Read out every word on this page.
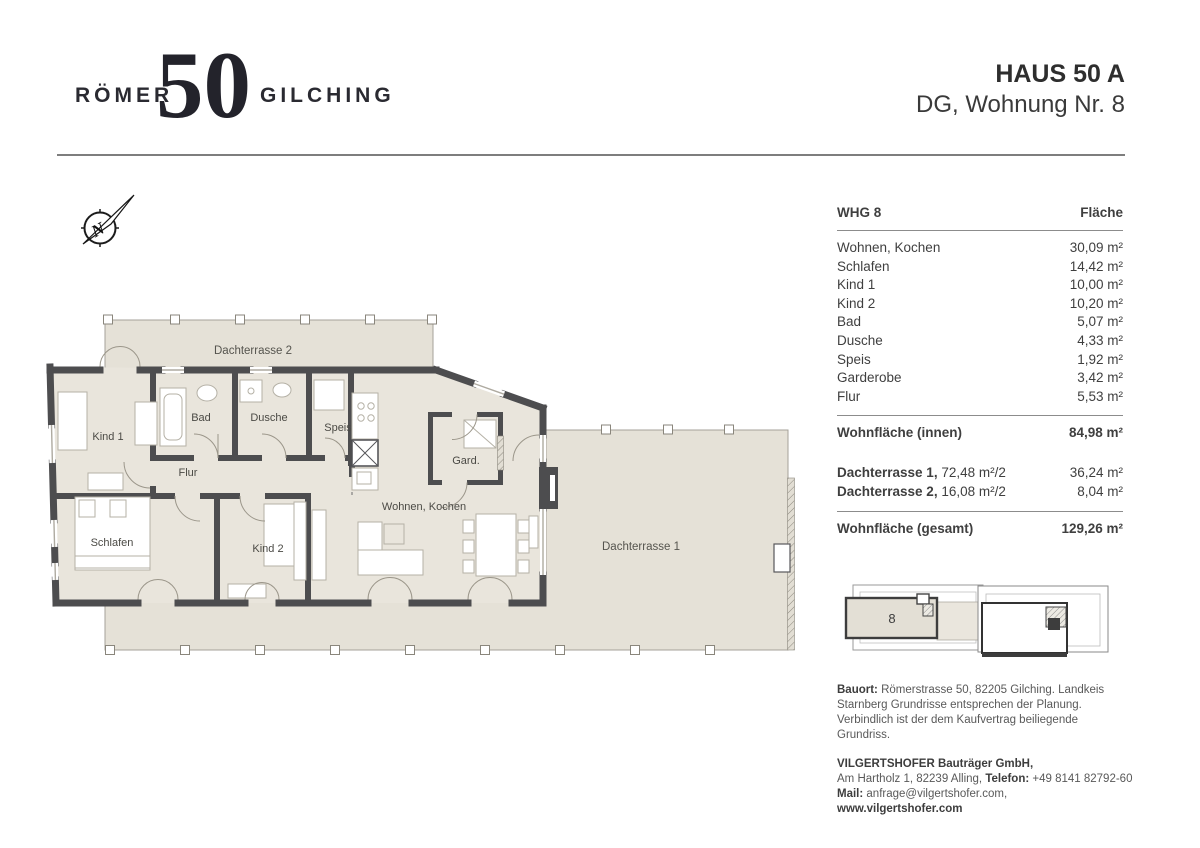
RÖMER
50 GILCHING
HAUS 50 A
DG, Wohnung Nr. 8
N
Dachterrasse 2
Kind 1
Bad	Dusche
Speis
Gard.
Flur
Schlafen	Kind 2
Wohnen, Kochen
Dachterrasse 1
WHG 8	Fläche
Wohnen, Kochen	30,09 m²
Schlafen	14,42 m²
Kind 1	10,00 m²
Kind 2	10,20 m²
Bad	5,07 m²
Dusche	4,33 m²
Speis	1,92 m²
Garderobe	3,42 m²
Flur	5,53 m²
Wohnfläche (innen)	84,98 m²
Dachterrasse 1, 72,48 m²/2	36,24 m²
Dachterrasse 2, 16,08 m²/2	8,04 m²
Wohnfläche (gesamt)	129,26 m²
8

Bauort: Römerstrasse 50, 82205 Gilching. Landkeis Starnberg Grundrisse entsprechen der Planung. Verbindlich ist der dem Kaufvertrag beiliegende Grundriss.

VILGERTSHOFER Bauträger GmbH,
Am Hartholz 1, 82239 Alling, Telefon: +49 8141 82792-60
Mail: anfrage@vilgertshofer.com, www.vilgertshofer.com
